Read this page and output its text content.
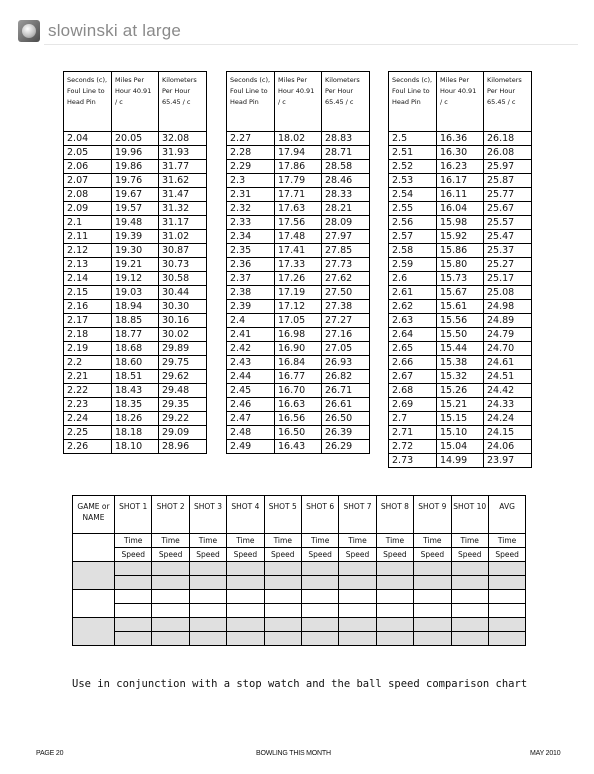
slowinski at large
Seconds (c), Foul Line to Head Pin	Miles Per Hour 40.91 / c	Kilometers Per Hour 65.45 / c
2.04	20.05	32.08
2.05	19.96	31.93
2.06	19.86	31.77
2.07	19.76	31.62
2.08	19.67	31.47
2.09	19.57	31.32
2.1	19.48	31.17
2.11	19.39	31.02
2.12	19.30	30.87
2.13	19.21	30.73
2.14	19.12	30.58
2.15	19.03	30.44
2.16	18.94	30.30
2.17	18.85	30.16
2.18	18.77	30.02
2.19	18.68	29.89
2.2	18.60	29.75
2.21	18.51	29.62
2.22	18.43	29.48
2.23	18.35	29.35
2.24	18.26	29.22
2.25	18.18	29.09
2.26	18.10	28.96
Seconds (c), Foul Line to Head Pin	Miles Per Hour 40.91 / c	Kilometers Per Hour 65.45 / c
2.27	18.02	28.83
2.28	17.94	28.71
2.29	17.86	28.58
2.3	17.79	28.46
2.31	17.71	28.33
2.32	17.63	28.21
2.33	17.56	28.09
2.34	17.48	27.97
2.35	17.41	27.85
2.36	17.33	27.73
2.37	17.26	27.62
2.38	17.19	27.50
2.39	17.12	27.38
2.4	17.05	27.27
2.41	16.98	27.16
2.42	16.90	27.05
2.43	16.84	26.93
2.44	16.77	26.82
2.45	16.70	26.71
2.46	16.63	26.61
2.47	16.56	26.50
2.48	16.50	26.39
2.49	16.43	26.29
Seconds (c), Foul Line to Head Pin	Miles Per Hour 40.91 / c	Kilometers Per Hour 65.45 / c
2.5	16.36	26.18
2.51	16.30	26.08
2.52	16.23	25.97
2.53	16.17	25.87
2.54	16.11	25.77
2.55	16.04	25.67
2.56	15.98	25.57
2.57	15.92	25.47
2.58	15.86	25.37
2.59	15.80	25.27
2.6	15.73	25.17
2.61	15.67	25.08
2.62	15.61	24.98
2.63	15.56	24.89
2.64	15.50	24.79
2.65	15.44	24.70
2.66	15.38	24.61
2.67	15.32	24.51
2.68	15.26	24.42
2.69	15.21	24.33
2.7	15.15	24.24
2.71	15.10	24.15
2.72	15.04	24.06
2.73	14.99	23.97
GAME or NAME	SHOT 1	SHOT 2	SHOT 3	SHOT 4	SHOT 5	SHOT 6	SHOT 7	SHOT 8	SHOT 9	SHOT 10	AVG
	Time	Time	Time	Time	Time	Time	Time	Time	Time	Time	Time
	Speed	Speed	Speed	Speed	Speed	Speed	Speed	Speed	Speed	Speed	Speed

Use in conjunction with a stop watch and the ball speed comparison chart
PAGE 20	BOWLING THIS MONTH	MAY 2010
